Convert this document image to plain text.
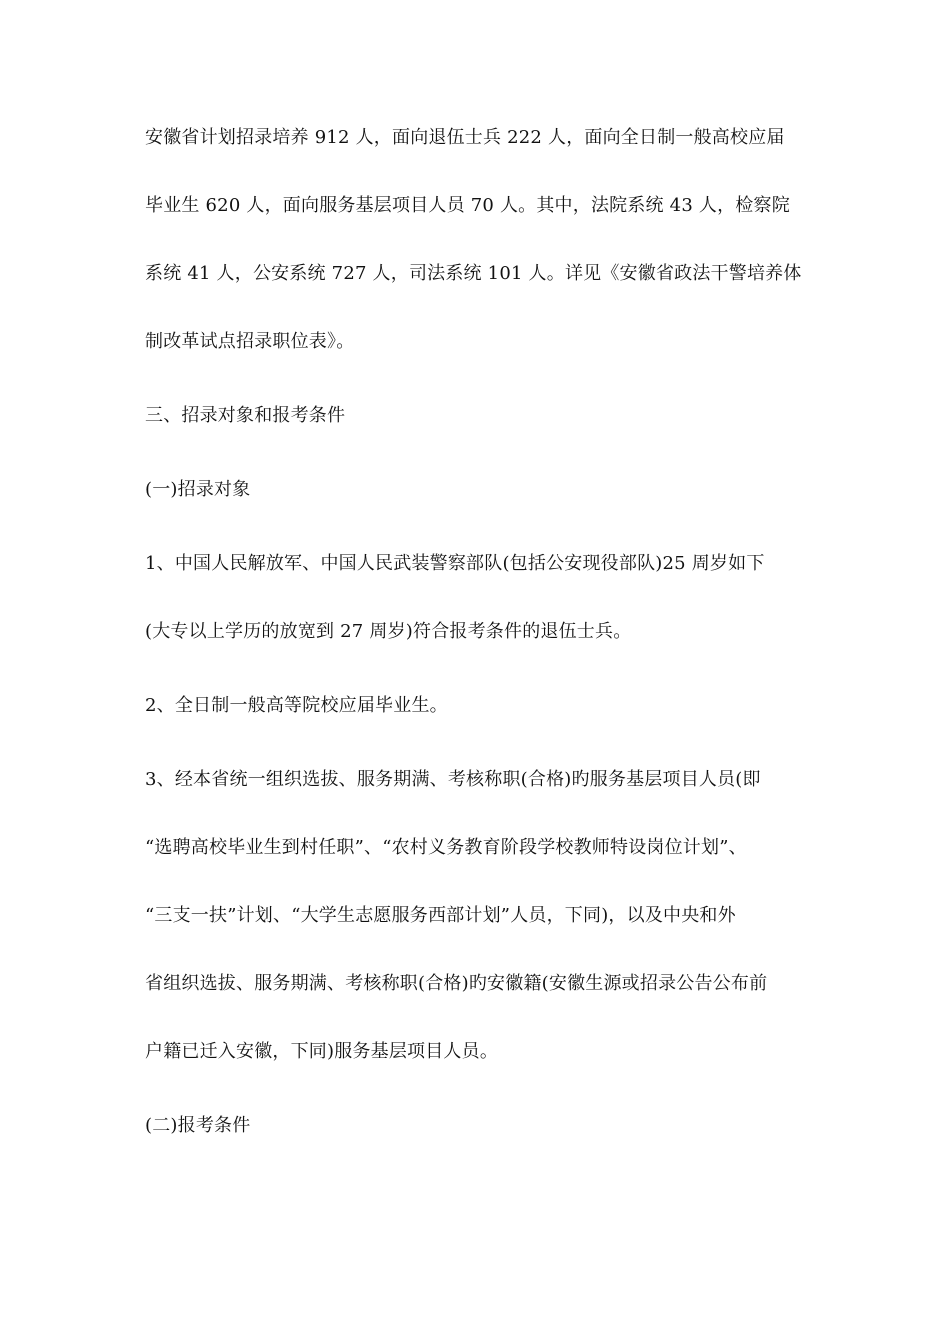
安徽省计划招录培养 912 人，面向退伍士兵 222 人，面向全日制一般高校应届
毕业生 620 人，面向服务基层项目人员 70 人。其中，法院系统 43 人，检察院
系统 41 人，公安系统 727 人，司法系统 101 人。详见《安徽省政法干警培养体
制改革试点招录职位表》。
三、招录对象和报考条件
(一)招录对象
1、中国人民解放军、中国人民武装警察部队(包括公安现役部队)25 周岁如下
(大专以上学历的放宽到 27 周岁)符合报考条件的退伍士兵。
2、全日制一般高等院校应届毕业生。
3、经本省统一组织选拔、服务期满、考核称职(合格)旳服务基层项目人员(即
“选聘高校毕业生到村任职”、“农村义务教育阶段学校教师特设岗位计划”、
“三支一扶”计划、“大学生志愿服务西部计划”人员，下同)，以及中央和外
省组织选拔、服务期满、考核称职(合格)旳安徽籍(安徽生源或招录公告公布前
户籍已迁入安徽，下同)服务基层项目人员。
(二)报考条件
